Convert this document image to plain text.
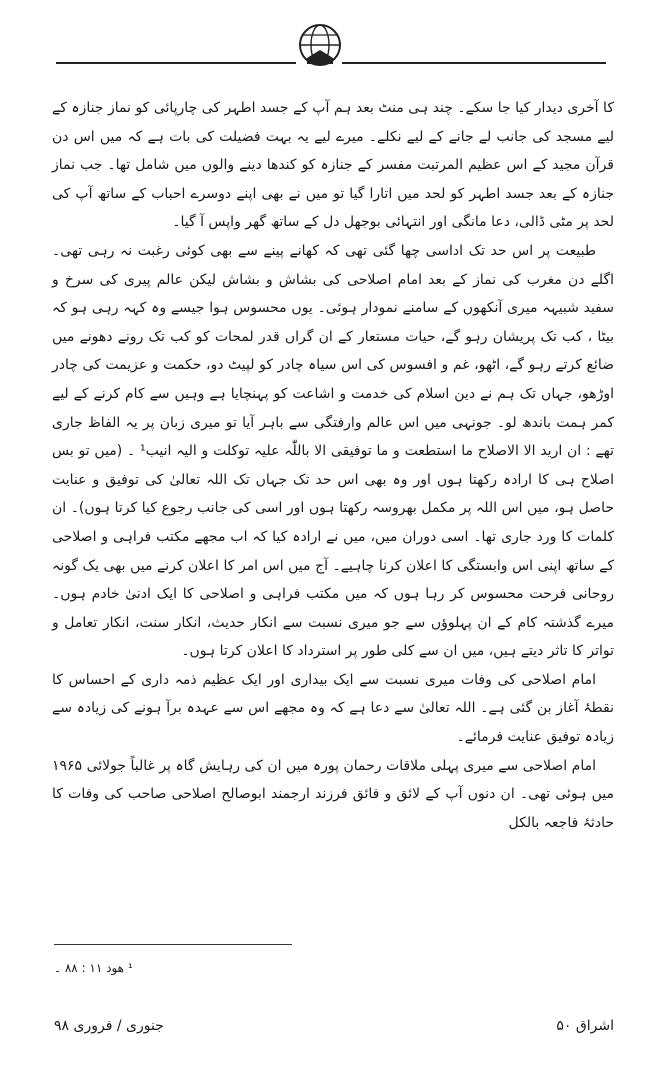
کا آخری دیدار کیا جا سکے۔ چند ہی منٹ بعد ہم آپ کے جسد اطہر کی چارپائی کو نماز جنازہ کے لیے مسجد کی جانب لے جانے کے لیے نکلے۔ میرے لیے یہ بہت فضیلت کی بات ہے کہ میں اس دن قرآن مجید کے اس عظیم المرتبت مفسر کے جنازہ کو کندھا دینے والوں میں شامل تھا۔ جب نماز جنازہ کے بعد جسد اطہر کو لحد میں اتارا گیا تو میں نے بھی اپنے دوسرے احباب کے ساتھ آپ کی لحد پر مٹی ڈالی، دعا مانگی اور انتہائی بوجھل دل کے ساتھ گھر واپس آ گیا۔

طبیعت پر اس حد تک اداسی چھا گئی تھی کہ کھانے پینے سے بھی کوئی رغبت نہ رہی تھی۔ اگلے دن مغرب کی نماز کے بعد امام اصلاحی کی بشاش و بشاش لیکن عالم پیری کی سرخ و سفید شبیہہ میری آنکھوں کے سامنے نمودار ہوئی۔ یوں محسوس ہوا جیسے وہ کہہ رہی ہو کہ بیٹا ، کب تک پریشان رہو گے، حیات مستعار کے ان گراں قدر لمحات کو کب تک رونے دھونے میں ضائع کرتے رہو گے، اٹھو، غم و افسوس کی اس سیاہ چادر کو لپیٹ دو، حکمت و عزیمت کی چادر اوڑھو، جہاں تک ہم نے دین اسلام کی خدمت و اشاعت کو پہنچایا ہے وہیں سے کام کرنے کے لیے کمر ہمت باندھ لو۔ جونہی میں اس عالم وارفتگی سے باہر آیا تو میری زبان پر یہ الفاظ جاری تھے : ان ارید الا الاصلاح ما استطعت و ما توفیقی الا باللّٰہ علیہ توکلت و الیہ انیب¹ ۔ (میں تو بس اصلاح ہی کا ارادہ رکھتا ہوں اور وہ بھی اس حد تک جہاں تک اللہ تعالیٰ کی توفیق و عنایت حاصل ہو، میں اس اللہ پر مکمل بھروسہ رکھتا ہوں اور اسی کی جانب رجوع کیا کرتا ہوں)۔ ان کلمات کا ورد جاری تھا۔ اسی دوران میں، میں نے ارادہ کیا کہ اب مجھے مکتب فراہی و اصلاحی کے ساتھ اپنی اس وابستگی کا اعلان کرنا چاہیے۔ آج میں اس امر کا اعلان کرنے میں بھی یک گونہ روحانی فرحت محسوس کر رہا ہوں کہ میں مکتب فراہی و اصلاحی کا ایک ادنیٰ خادم ہوں۔ میرے گذشتہ کام کے ان پہلوؤں سے جو میری نسبت سے انکار حدیث، انکار سنت، انکار تعامل و تواتر کا تاثر دیتے ہیں، میں ان سے کلی طور پر استرداد کا اعلان کرتا ہوں۔

امام اصلاحی کی وفات میری نسبت سے ایک بیداری اور ایک عظیم ذمہ داری کے احساس کا نقطۂ آغاز بن گئی ہے۔ اللہ تعالیٰ سے دعا ہے کہ وہ مجھے اس سے عہدہ برآ ہونے کی زیادہ سے زیادہ توفیق عنایت فرمائے۔

امام اصلاحی سے میری پہلی ملاقات رحمان پورہ میں ان کی رہایش گاہ پر غالباً جولائی ۱۹۶۵ میں ہوئی تھی۔ ان دنوں آپ کے لائق و فائق فرزند ارجمند ابوصالح اصلاحی صاحب کی وفات کا حادثۂ فاجعہ بالکل

¹ ھود ۱۱ : ۸۸ ۔
اشراق ۵۰
جنوری / فروری ۹۸
